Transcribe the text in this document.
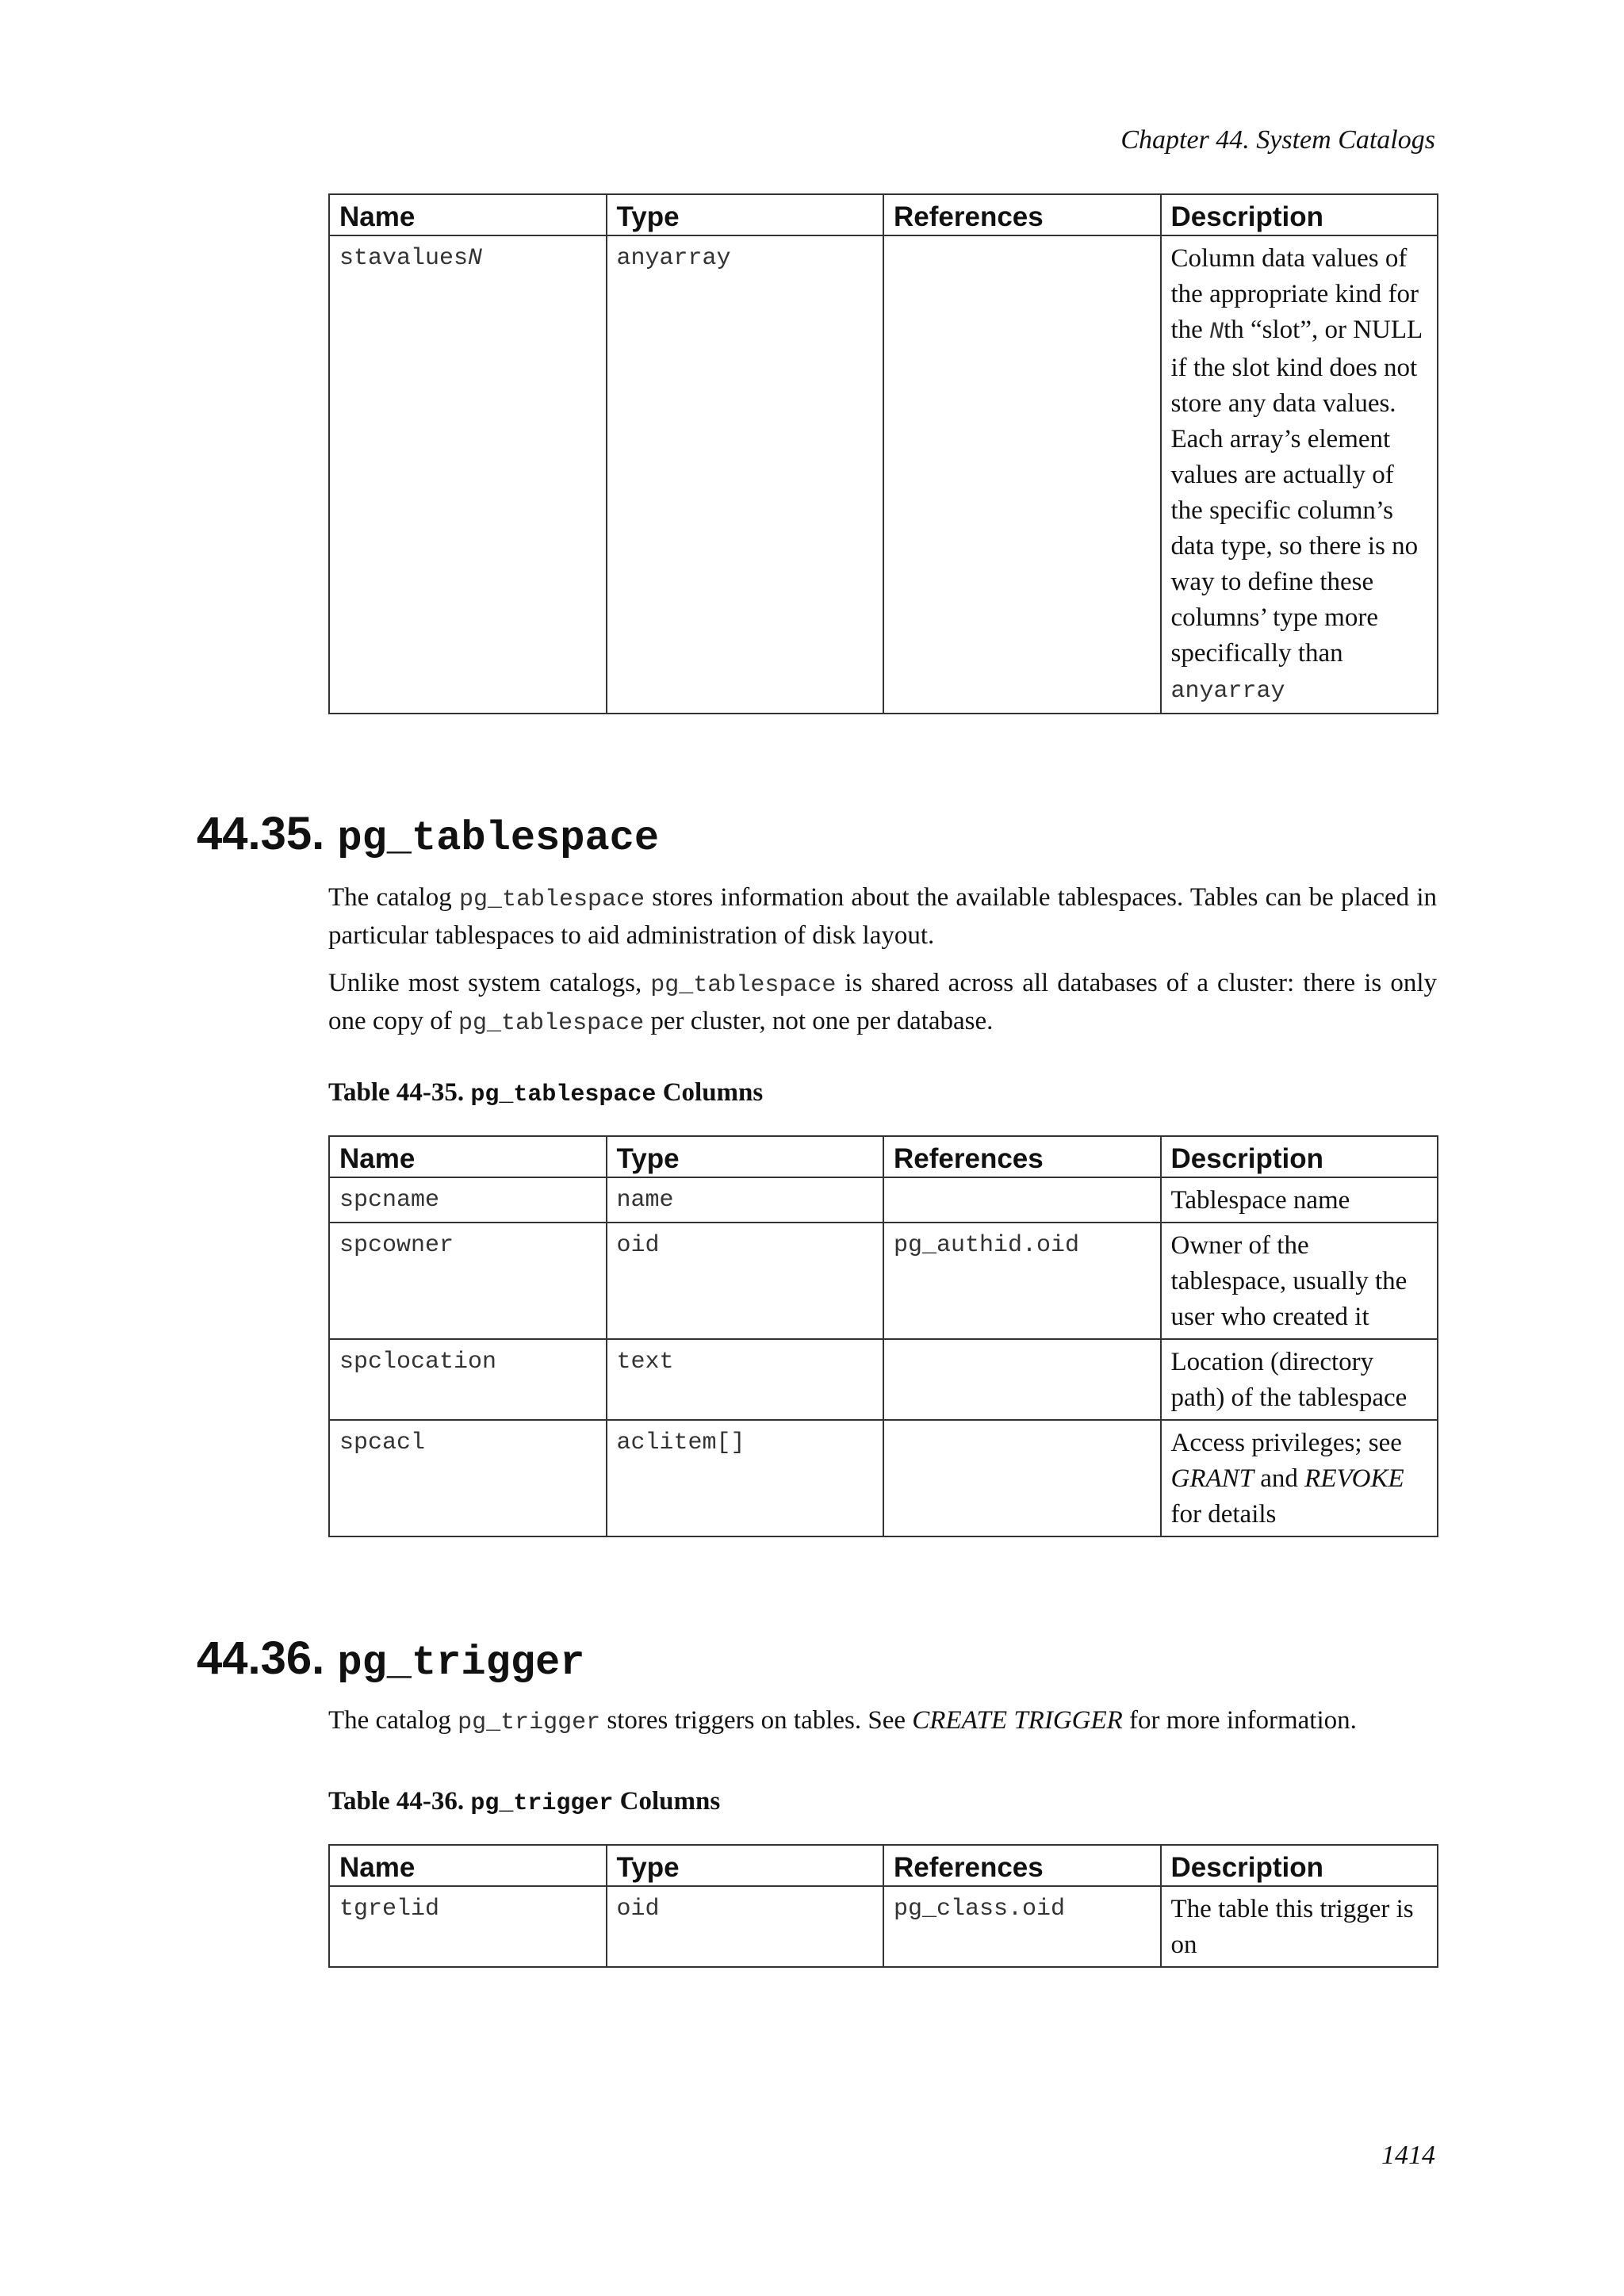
Chapter 44. System Catalogs
Name	Type	References	Description
stavaluesN	anyarray		Column data values of the appropriate kind for the Nth “slot”, or NULL if the slot kind does not store any data values. Each array’s element values are actually of the specific column’s data type, so there is no way to define these columns’ type more specifically than anyarray
44.35. pg_tablespace

The catalog pg_tablespace stores information about the available tablespaces. Tables can be placed in particular tablespaces to aid administration of disk layout.

Unlike most system catalogs, pg_tablespace is shared across all databases of a cluster: there is only one copy of pg_tablespace per cluster, not one per database.

Table 44-35. pg_tablespace Columns

Name	Type	References	Description
spcname	name		Tablespace name
spcowner	oid	pg_authid.oid	Owner of the tablespace, usually the user who created it
spclocation	text		Location (directory path) of the tablespace
spcacl	aclitem[]		Access privileges; see GRANT and REVOKE for details
44.36. pg_trigger

The catalog pg_trigger stores triggers on tables. See CREATE TRIGGER for more information.

Table 44-36. pg_trigger Columns

Name	Type	References	Description
tgrelid	oid	pg_class.oid	The table this trigger is on
1414
